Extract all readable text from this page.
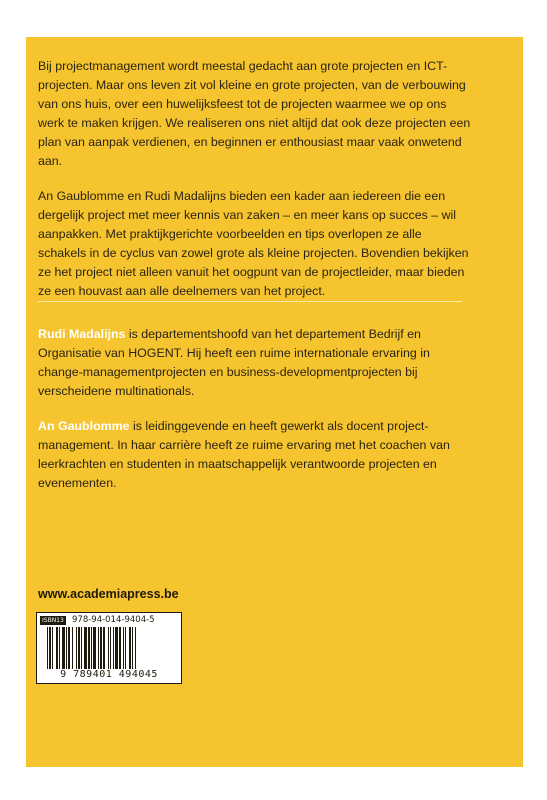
Bij projectmanagement wordt meestal gedacht aan grote projecten en ICT-projecten. Maar ons leven zit vol kleine en grote projecten, van de verbouwing van ons huis, over een huwelijksfeest tot de projecten waarmee we op ons werk te maken krijgen. We realiseren ons niet altijd dat ook deze projecten een plan van aanpak verdienen, en beginnen er enthousiast maar vaak onwetend aan.

An Gaublomme en Rudi Madalijns bieden een kader aan iedereen die een dergelijk project met meer kennis van zaken – en meer kans op succes – wil aanpakken. Met praktijkgerichte voorbeelden en tips overlopen ze alle schakels in de cyclus van zowel grote als kleine projecten. Bovendien bekijken ze het project niet alleen vanuit het oogpunt van de projectleider, maar bieden ze een houvast aan alle deelnemers van het project.

Rudi Madalijns is departementshoofd van het departement Bedrijf en Organisatie van HOGENT. Hij heeft een ruime internationale ervaring in change-managementprojecten en business-developmentprojecten bij verscheidene multinationals.

An Gaublomme is leidinggevende en heeft gewerkt als docent project-management. In haar carrière heeft ze ruime ervaring met het coachen van leerkrachten en studenten in maatschappelijk verantwoorde projecten en evenementen.

www.academiapress.be
ISBN13 978-94-014-9404-5
9 789401 494045
